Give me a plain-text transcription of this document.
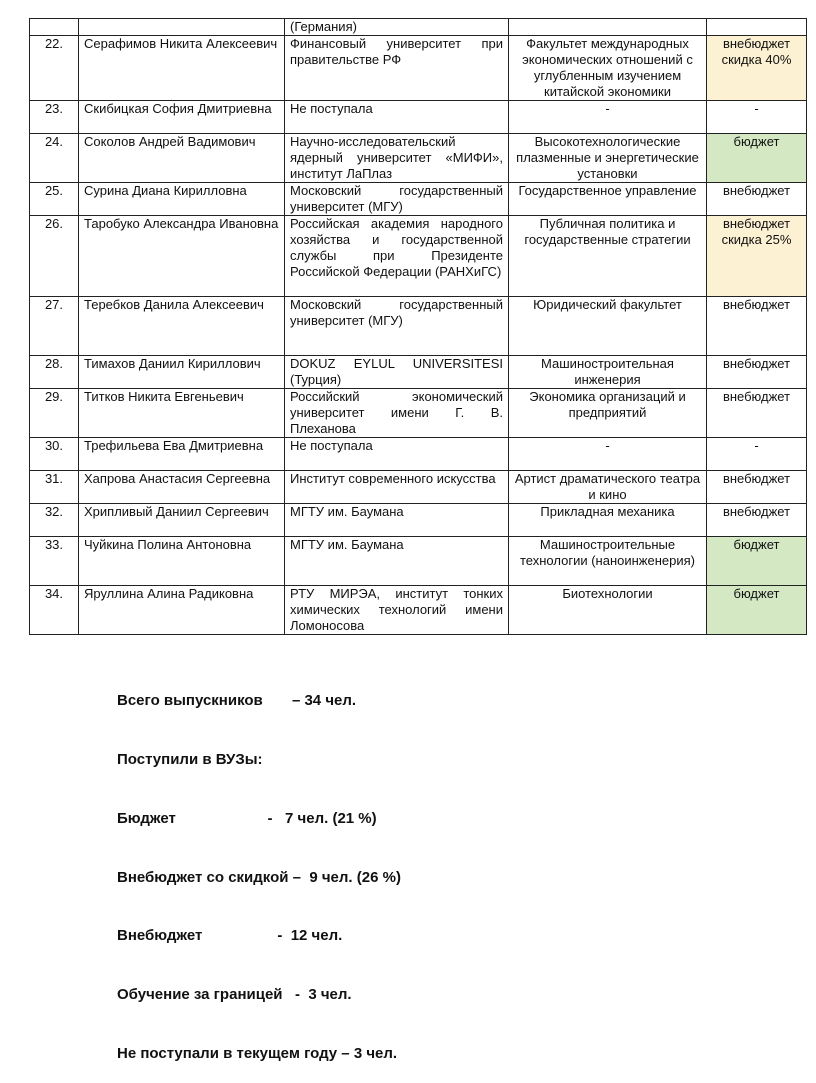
		(Германия)		
22.	Серафимов Никита Алексеевич	Финансовый университет при правительстве РФ	Факультет международных экономических отношений с углубленным изучением китайской экономики	внебюджет скидка 40%
23.	Скибицкая София Дмитриевна	Не поступала	-	-
24.	Соколов Андрей Вадимович	Научно-исследовательский ядерный университет «МИФИ», институт ЛаПлаз	Высокотехнологические плазменные и энергетические установки	бюджет
25.	Сурина Диана Кирилловна	Московский государственный университет (МГУ)	Государственное управление	внебюджет
26.	Таробуко Александра Ивановна	Российская академия народного хозяйства и государственной службы при Президенте Российской Федерации (РАНХиГС)	Публичная политика и государственные стратегии	внебюджет скидка 25%
27.	Теребков Данила Алексеевич	Московский государственный университет (МГУ)	Юридический факультет	внебюджет
28.	Тимахов Даниил Кириллович	DOKUZ EYLUL UNIVERSITESI (Турция)	Машиностроительная инженерия	внебюджет
29.	Титков Никита Евгеньевич	Российский экономический университет имени Г. В. Плеханова	Экономика организаций и предприятий	внебюджет
30.	Трефильева Ева Дмитриевна	Не поступала	-	-
31.	Хапрова Анастасия Сергеевна	Институт современного искусства	Артист драматического театра и кино	внебюджет
32.	Хрипливый Даниил Сергеевич	МГТУ им. Баумана	Прикладная механика	внебюджет
33.	Чуйкина Полина Антоновна	МГТУ им. Баумана	Машиностроительные технологии (наноинженерия)	бюджет
34.	Яруллина Алина Радиковна	РТУ МИРЭА, институт тонких химических технологий имени Ломоносова	Биотехнологии	бюджет

Всего выпускников       – 34 чел.

Поступили в ВУЗы:

Бюджет                      -   7 чел. (21 %)

Внебюджет со скидкой –  9 чел. (26 %)

Внебюджет                  -  12 чел.

Обучение за границей   -  3 чел.

Не поступали в текущем году – 3 чел.
